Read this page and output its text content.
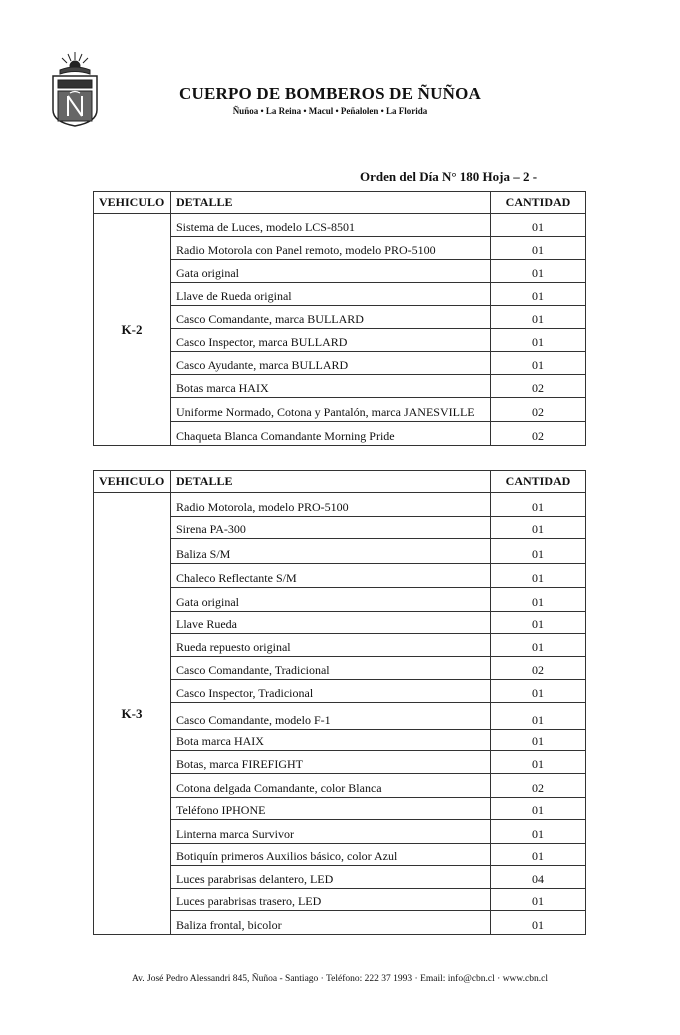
CUERPO DE BOMBEROS DE ÑUÑOA
Ñuñoa • La Reina • Macul • Peñalolen • La Florida
Orden del Día N° 180 Hoja – 2 -
VEHICULO	DETALLE	CANTIDAD
K-2	Sistema de Luces, modelo LCS-8501	01
	Radio Motorola con Panel remoto, modelo PRO-5100	01
	Gata original	01
	Llave de Rueda original	01
	Casco Comandante, marca BULLARD	01
	Casco Inspector, marca BULLARD	01
	Casco Ayudante, marca BULLARD	01
	Botas marca HAIX	02
	Uniforme Normado, Cotona y Pantalón, marca JANESVILLE	02
	Chaqueta Blanca Comandante Morning Pride	02
VEHICULO	DETALLE	CANTIDAD
K-3	Radio Motorola, modelo PRO-5100	01
	Sirena PA-300	01
	Baliza S/M	01
	Chaleco Reflectante S/M	01
	Gata original	01
	Llave Rueda	01
	Rueda repuesto original	01
	Casco Comandante, Tradicional	02
	Casco Inspector, Tradicional	01
	Casco Comandante, modelo F-1	01
	Bota marca HAIX	01
	Botas, marca FIREFIGHT	01
	Cotona delgada Comandante, color Blanca	02
	Teléfono IPHONE	01
	Linterna marca Survivor	01
	Botiquín primeros Auxilios básico, color Azul	01
	Luces parabrisas delantero, LED	04
	Luces parabrisas trasero, LED	01
	Baliza frontal, bicolor	01
Av. José Pedro Alessandri 845, Ñuñoa - Santiago · Teléfono: 222 37 1993 · Email: info@cbn.cl · www.cbn.cl
